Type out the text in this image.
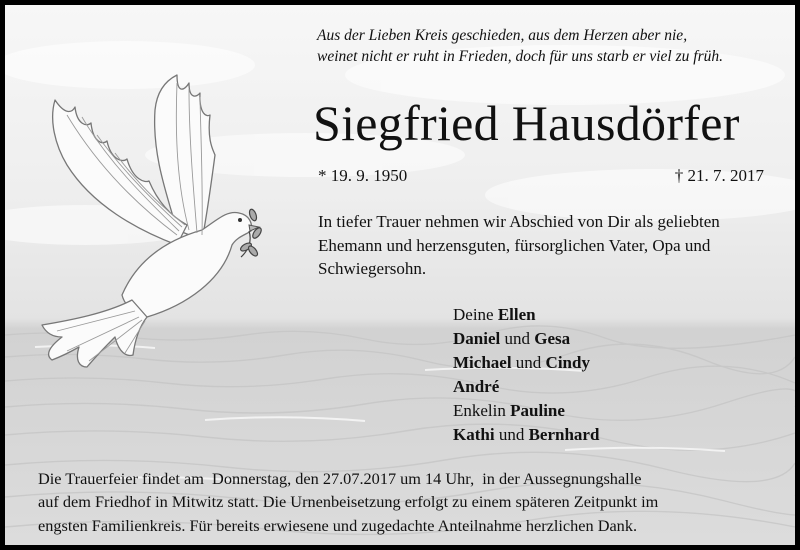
Aus der Lieben Kreis geschieden, aus dem Herzen aber nie,
weinet nicht er ruht in Frieden, doch für uns starb er viel zu früh.
Siegfried Hausdörfer
* 19. 9. 1950	† 21. 7. 2017
In tiefer Trauer nehmen wir Abschied von Dir als geliebten
Ehemann und herzensguten, fürsorglichen Vater, Opa und
Schwiegersohn.
Deine Ellen
Daniel und Gesa
Michael und Cindy
André
Enkelin Pauline
Kathi und Bernhard
Die Trauerfeier findet am  Donnerstag, den 27.07.2017 um 14 Uhr,  in der Aussegnungshalle
auf dem Friedhof in Mitwitz statt. Die Urnenbeisetzung erfolgt zu einem späteren Zeitpunkt im
engsten Familienkreis. Für bereits erwiesene und zugedachte Anteilnahme herzlichen Dank.
